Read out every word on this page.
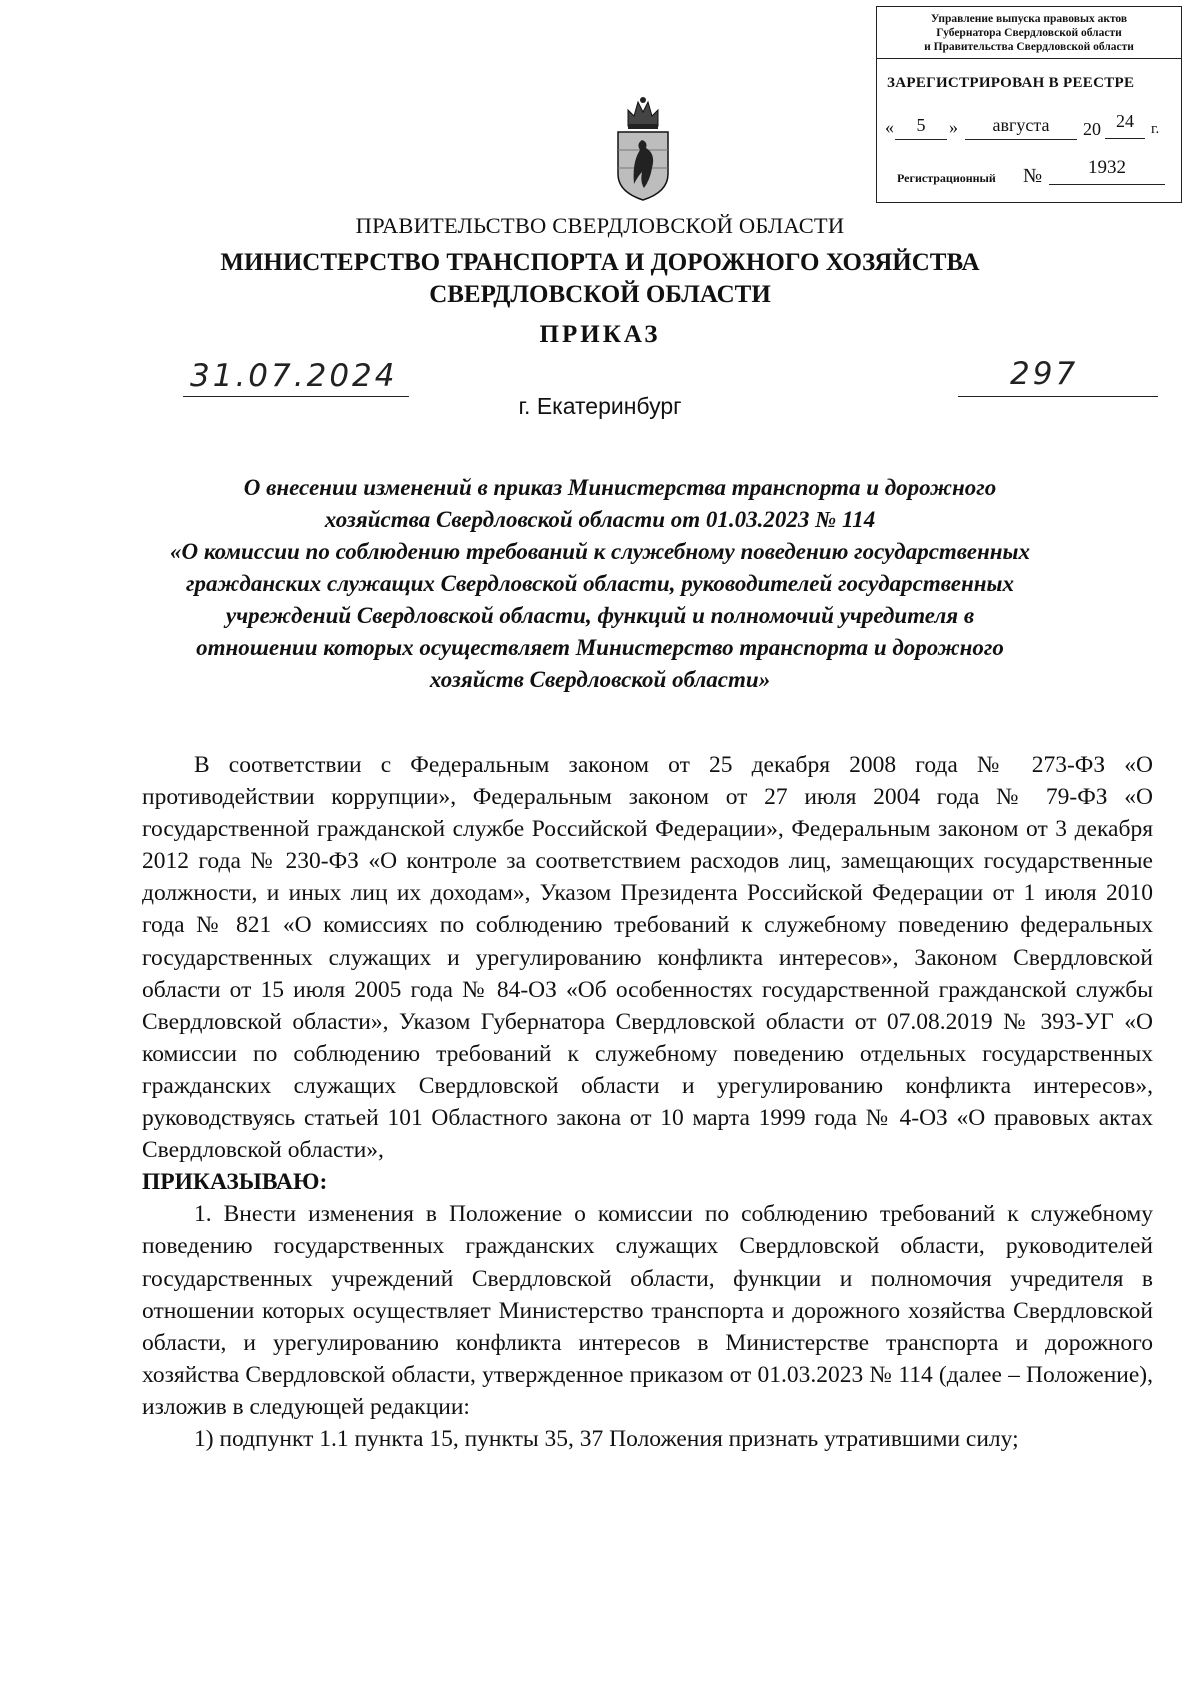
Управление выпуска правовых актов
Губернатора Свердловской области
и Правительства Свердловской области
ЗАРЕГИСТРИРОВАН В РЕЕСТРЕ
«	5	»	августа	20 24	г.
Регистрационный №	1932
ПРАВИТЕЛЬСТВО СВЕРДЛОВСКОЙ ОБЛАСТИ
МИНИСТЕРСТВО ТРАНСПОРТА И ДОРОЖНОГО ХОЗЯЙСТВА
СВЕРДЛОВСКОЙ ОБЛАСТИ
ПРИКАЗ
31.07.2024	297
г. Екатеринбург
О внесении изменений в приказ Министерства транспорта и дорожного
хозяйства Свердловской области от 01.03.2023 № 114
«О комиссии по соблюдению требований к служебному поведению государственных
гражданских служащих Свердловской области, руководителей государственных
учреждений Свердловской области, функций и полномочий учредителя в
отношении которых осуществляет Министерство транспорта и дорожного
хозяйств Свердловской области»

В соответствии с Федеральным законом от 25 декабря 2008 года № 273-ФЗ «О противодействии коррупции», Федеральным законом от 27 июля 2004 года № 79-ФЗ «О государственной гражданской службе Российской Федерации», Федеральным законом от 3 декабря 2012 года № 230-ФЗ «О контроле за соответствием расходов лиц, замещающих государственные должности, и иных лиц их доходам», Указом Президента Российской Федерации от 1 июля 2010 года № 821 «О комиссиях по соблюдению требований к служебному поведению федеральных государственных служащих и урегулированию конфликта интересов», Законом Свердловской области от 15 июля 2005 года № 84-ОЗ «Об особенностях государственной гражданской службы Свердловской области», Указом Губернатора Свердловской области от 07.08.2019 № 393-УГ «О комиссии по соблюдению требований к служебному поведению отдельных государственных гражданских служащих Свердловской области и урегулированию конфликта интересов», руководствуясь статьей 101 Областного закона от 10 марта 1999 года № 4-ОЗ «О правовых актах Свердловской области»,

ПРИКАЗЫВАЮ:

1. Внести изменения в Положение о комиссии по соблюдению требований к служебному поведению государственных гражданских служащих Свердловской области, руководителей государственных учреждений Свердловской области, функции и полномочия учредителя в отношении которых осуществляет Министерство транспорта и дорожного хозяйства Свердловской области, и урегулированию конфликта интересов в Министерстве транспорта и дорожного хозяйства Свердловской области, утвержденное приказом от 01.03.2023 № 114 (далее – Положение), изложив в следующей редакции:

1) подпункт 1.1 пункта 15, пункты 35, 37 Положения признать утратившими силу;
